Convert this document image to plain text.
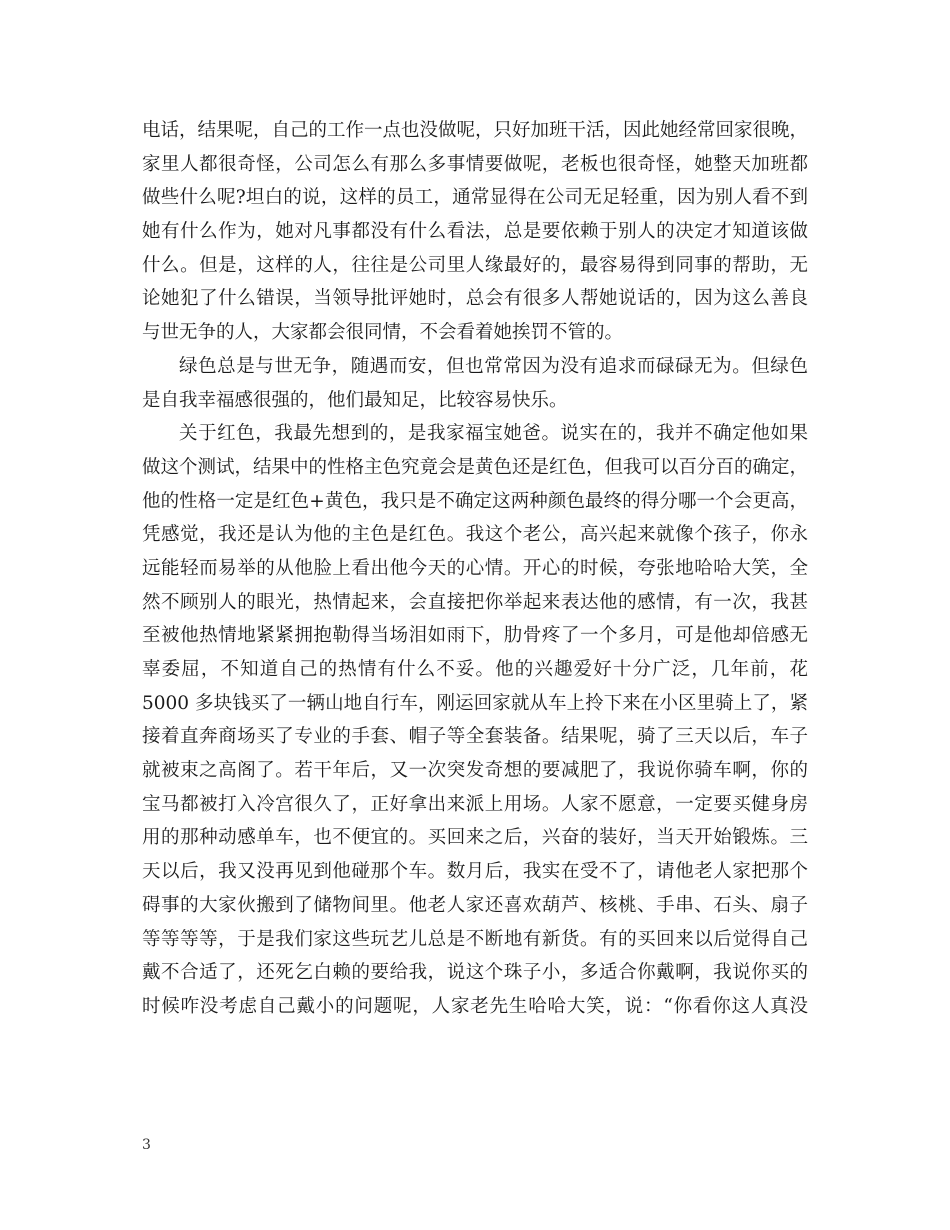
电话，结果呢，自己的工作一点也没做呢，只好加班干活，因此她经常回家很晚，
家里人都很奇怪，公司怎么有那么多事情要做呢，老板也很奇怪，她整天加班都
做些什么呢?坦白的说，这样的员工，通常显得在公司无足轻重，因为别人看不到
她有什么作为，她对凡事都没有什么看法，总是要依赖于别人的决定才知道该做
什么。但是，这样的人，往往是公司里人缘最好的，最容易得到同事的帮助，无
论她犯了什么错误，当领导批评她时，总会有很多人帮她说话的，因为这么善良
与世无争的人，大家都会很同情，不会看着她挨罚不管的。
绿色总是与世无争，随遇而安，但也常常因为没有追求而碌碌无为。但绿色
是自我幸福感很强的，他们最知足，比较容易快乐。
关于红色，我最先想到的，是我家福宝她爸。说实在的，我并不确定他如果
做这个测试，结果中的性格主色究竟会是黄色还是红色，但我可以百分百的确定，
他的性格一定是红色+黄色，我只是不确定这两种颜色最终的得分哪一个会更高，
凭感觉，我还是认为他的主色是红色。我这个老公，高兴起来就像个孩子，你永
远能轻而易举的从他脸上看出他今天的心情。开心的时候，夸张地哈哈大笑，全
然不顾别人的眼光，热情起来，会直接把你举起来表达他的感情，有一次，我甚
至被他热情地紧紧拥抱勒得当场泪如雨下，肋骨疼了一个多月，可是他却倍感无
辜委屈，不知道自己的热情有什么不妥。他的兴趣爱好十分广泛，几年前，花
5000 多块钱买了一辆山地自行车，刚运回家就从车上拎下来在小区里骑上了，紧
接着直奔商场买了专业的手套、帽子等全套装备。结果呢，骑了三天以后，车子
就被束之高阁了。若干年后，又一次突发奇想的要减肥了，我说你骑车啊，你的
宝马都被打入冷宫很久了，正好拿出来派上用场。人家不愿意，一定要买健身房
用的那种动感单车，也不便宜的。买回来之后，兴奋的装好，当天开始锻炼。三
天以后，我又没再见到他碰那个车。数月后，我实在受不了，请他老人家把那个
碍事的大家伙搬到了储物间里。他老人家还喜欢葫芦、核桃、手串、石头、扇子
等等等等，于是我们家这些玩艺儿总是不断地有新货。有的买回来以后觉得自己
戴不合适了，还死乞白赖的要给我，说这个珠子小，多适合你戴啊，我说你买的
时候咋没考虑自己戴小的问题呢，人家老先生哈哈大笑，说：“你看你这人真没
3
